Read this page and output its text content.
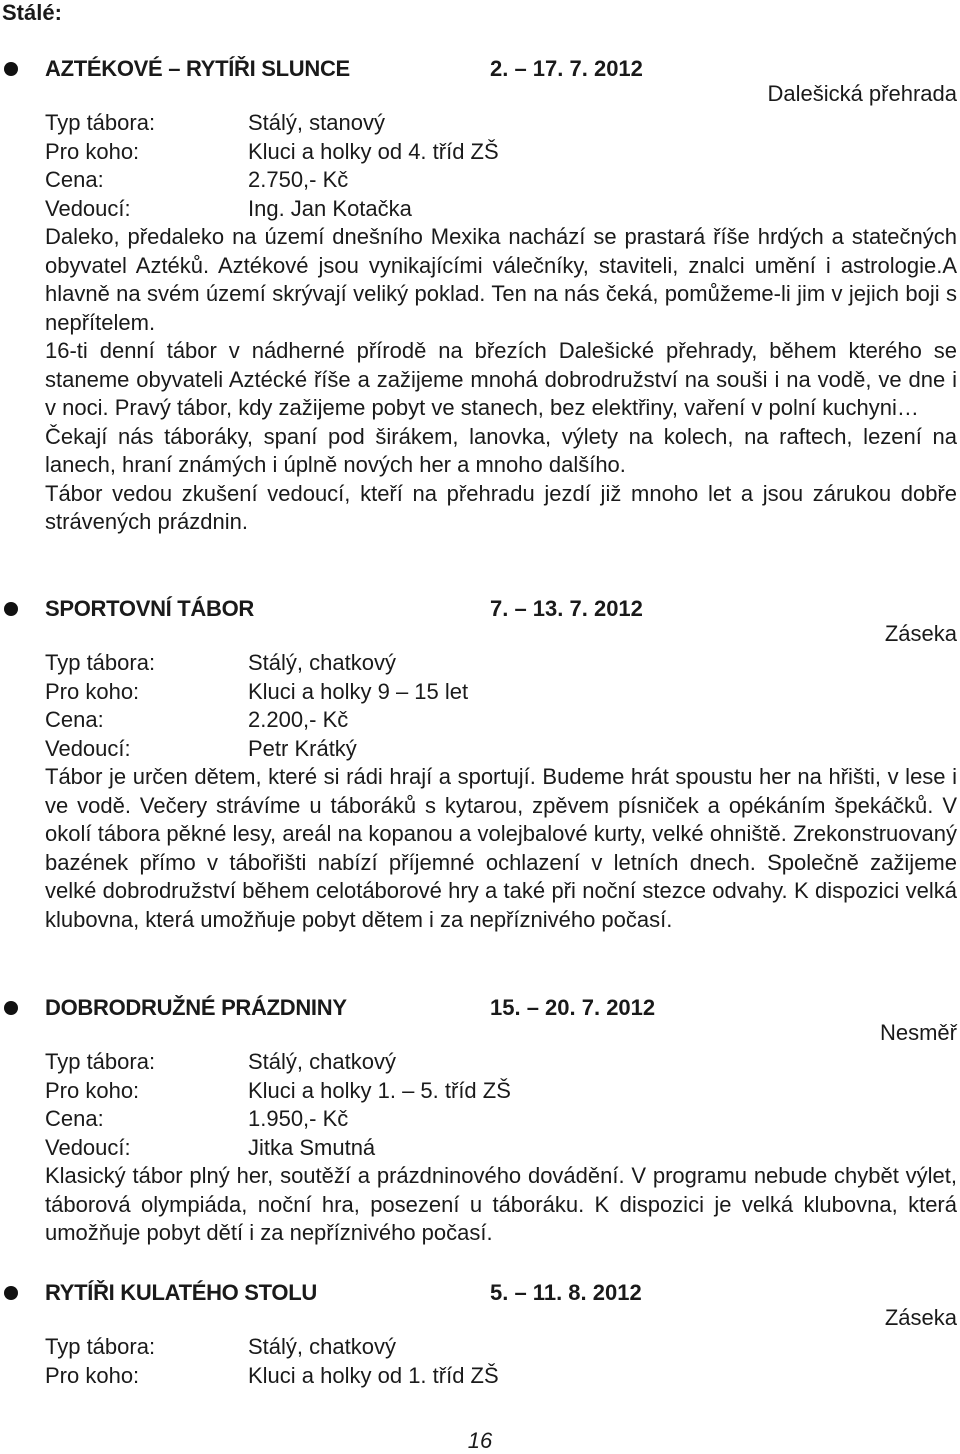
Stálé:
AZTÉKOVÉ – RYTÍŘI SLUNCE	2. – 17. 7. 2012
Dalešická přehrada
Typ tábora:	Stálý, stanový
Pro koho:	Kluci a holky od 4. tříd ZŠ
Cena:	2.750,- Kč
Vedoucí:	Ing. Jan Kotačka

Daleko, předaleko na území dnešního Mexika nachází se prastará říše hrdých a statečných obyvatel Aztéků. Aztékové jsou vynikajícími válečníky, staviteli, znalci umění i astrologie.A hlavně na svém území skrývají veliký poklad. Ten na nás čeká, pomůžeme-li jim v jejich boji s nepřítelem.

16-ti denní tábor v nádherné přírodě na březích Dalešické přehrady, během kterého se staneme obyvateli Aztécké říše a zažijeme mnohá dobrodružství na souši i na vodě, ve dne i v noci. Pravý tábor, kdy zažijeme pobyt ve stanech, bez elektřiny, vaření v polní kuchyni…

Čekají nás táboráky, spaní pod širákem, lanovka, výlety na kolech, na raftech, lezení na lanech, hraní známých i úplně nových her a mnoho dalšího.

Tábor vedou zkušení vedoucí, kteří na přehradu jezdí již mnoho let a jsou zárukou dobře strávených prázdnin.

SPORTOVNÍ TÁBOR	7. – 13. 7. 2012
Záseka
Typ tábora:	Stálý, chatkový
Pro koho:	Kluci a holky 9 – 15 let
Cena:	2.200,- Kč
Vedoucí:	Petr Krátký

Tábor je určen dětem, které si rádi hrají a sportují. Budeme hrát spoustu her na hřišti, v lese i ve vodě. Večery strávíme u táboráků s kytarou, zpěvem písniček a opékáním špekáčků. V okolí tábora pěkné lesy, areál na kopanou a volejbalové kurty, velké ohniště. Zrekonstruovaný bazének přímo v tábořišti nabízí příjemné ochlazení v letních dnech. Společně zažijeme velké dobrodružství během celotáborové hry a také při noční stezce odvahy. K dispozici velká klubovna, která umožňuje pobyt dětem i za nepříznivého počasí.

DOBRODRUŽNÉ PRÁZDNINY	15. – 20. 7. 2012
Nesměř
Typ tábora:	Stálý, chatkový
Pro koho:	Kluci a holky 1. – 5. tříd ZŠ
Cena:	1.950,- Kč
Vedoucí:	Jitka Smutná

Klasický tábor plný her, soutěží a prázdninového dovádění. V programu nebude chybět výlet, táborová olympiáda, noční hra, posezení u táboráku. K dispozici je velká klubovna, která umožňuje pobyt dětí i za nepříznivého počasí.

RYTÍŘI KULATÉHO STOLU	5. – 11. 8. 2012
Záseka
Typ tábora:	Stálý, chatkový
Pro koho:	Kluci a holky od 1. tříd ZŠ
16
